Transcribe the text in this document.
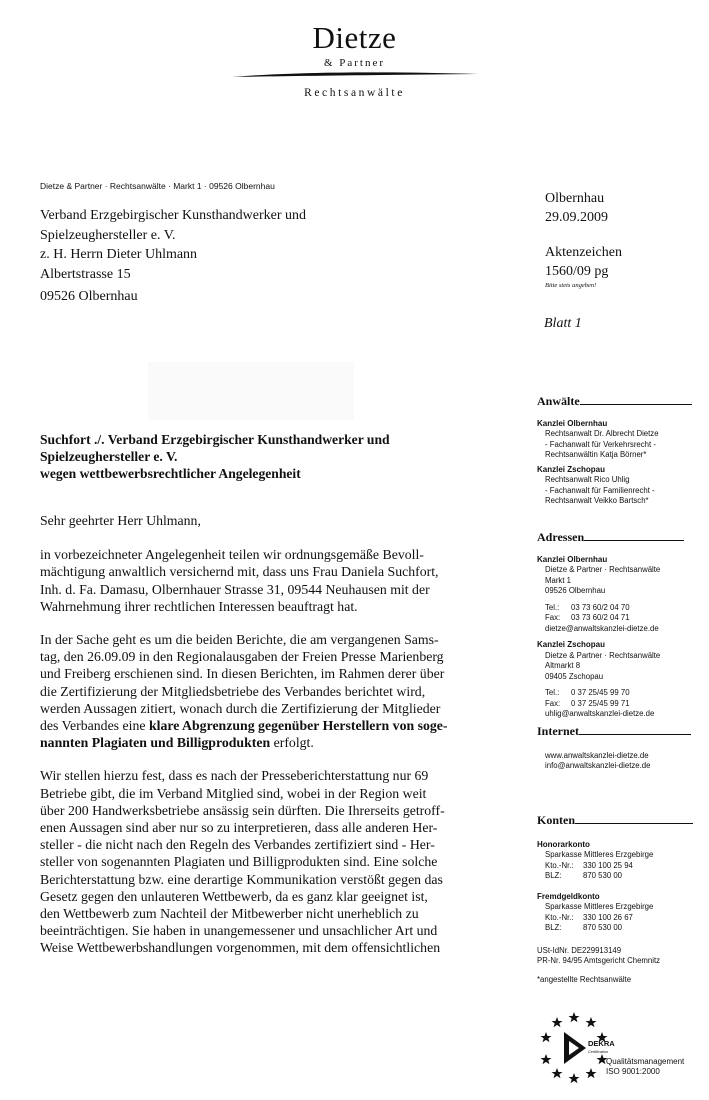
Dietze
& Partner
Rechtsanwälte
Dietze & Partner · Rechtsanwälte · Markt 1 · 09526 Olbernhau
Verband Erzgebirgischer Kunsthandwerker und
Spielzeughersteller e. V.
z. H. Herrn Dieter Uhlmann
Albertstrasse 15
09526 Olbernhau
Olbernhau
29.09.2009
Aktenzeichen
1560/09 pg
Bitte stets angeben!
Blatt 1
Suchfort ./. Verband Erzgebirgischer Kunsthandwerker und
Spielzeughersteller e. V.
wegen wettbewerbsrechtlicher Angelegenheit

Sehr geehrter Herr Uhlmann,

in vorbezeichneter Angelegenheit teilen wir ordnungsgemäße Bevoll-
mächtigung anwaltlich versichernd mit, dass uns Frau Daniela Suchfort,
Inh. d. Fa. Damasu, Olbernhauer Strasse 31, 09544 Neuhausen mit der
Wahrnehmung ihrer rechtlichen Interessen beauftragt hat.

In der Sache geht es um die beiden Berichte, die am vergangenen Sams-
tag, den 26.09.09 in den Regionalausgaben der Freien Presse Marienberg
und Freiberg erschienen sind. In diesen Berichten, im Rahmen derer über
die Zertifizierung der Mitgliedsbetriebe des Verbandes berichtet wird,
werden Aussagen zitiert, wonach durch die Zertifizierung der Mitglieder
des Verbandes eine klare Abgrenzung gegenüber Herstellern von soge-
nannten Plagiaten und Billigprodukten erfolgt.

Wir stellen hierzu fest, dass es nach der Presseberichterstattung nur 69
Betriebe gibt, die im Verband Mitglied sind, wobei in der Region weit
über 200 Handwerksbetriebe ansässig sein dürften. Die Ihrerseits getroff-
enen Aussagen sind aber nur so zu interpretieren, dass alle anderen Her-
steller - die nicht nach den Regeln des Verbandes zertifiziert sind - Her-
steller von sogenannten Plagiaten und Billigprodukten sind. Eine solche
Berichterstattung bzw. eine derartige Kommunikation verstößt gegen das
Gesetz gegen den unlauteren Wettbewerb, da es ganz klar geeignet ist,
den Wettbewerb zum Nachteil der Mitbewerber nicht unerheblich zu
beeinträchtigen. Sie haben in unangemessener und unsachlicher Art und
Weise Wettbewerbshandlungen vorgenommen, mit dem offensichtlichen

Anwälte
Kanzlei Olbernhau
Rechtsanwalt Dr. Albrecht Dietze
- Fachanwalt für Verkehrsrecht -
Rechtsanwältin Katja Börner*
Kanzlei Zschopau
Rechtsanwalt Rico Uhlig
- Fachanwalt für Familienrecht -
Rechtsanwalt Veikko Bartsch*
Adressen
Kanzlei Olbernhau
Dietze & Partner · Rechtsanwälte
Markt 1
09526 Olbernhau
Tel.: 03 73 60/2 04 70
Fax: 03 73 60/2 04 71
dietze@anwaltskanzlei-dietze.de
Kanzlei Zschopau
Dietze & Partner · Rechtsanwälte
Altmarkt 8
09405 Zschopau
Tel.: 0 37 25/45 99 70
Fax: 0 37 25/45 99 71
uhlig@anwaltskanzlei-dietze.de
Internet
www.anwaltskanzlei-dietze.de
info@anwaltskanzlei-dietze.de
Konten
Honorarkonto
Sparkasse Mittleres Erzgebirge
Kto.-Nr.: 330 100 25 94
BLZ:	870 530 00
Fremdgeldkonto
Sparkasse Mittleres Erzgebirge
Kto.-Nr.: 330 100 26 67
BLZ:	870 530 00
USt-IdNr. DE229913149
PR-Nr. 94/95 Amtsgericht Chemnitz
*angestellte Rechtsanwälte
DEKRA
Certification
Qualitätsmanagement
ISO 9001:2000
